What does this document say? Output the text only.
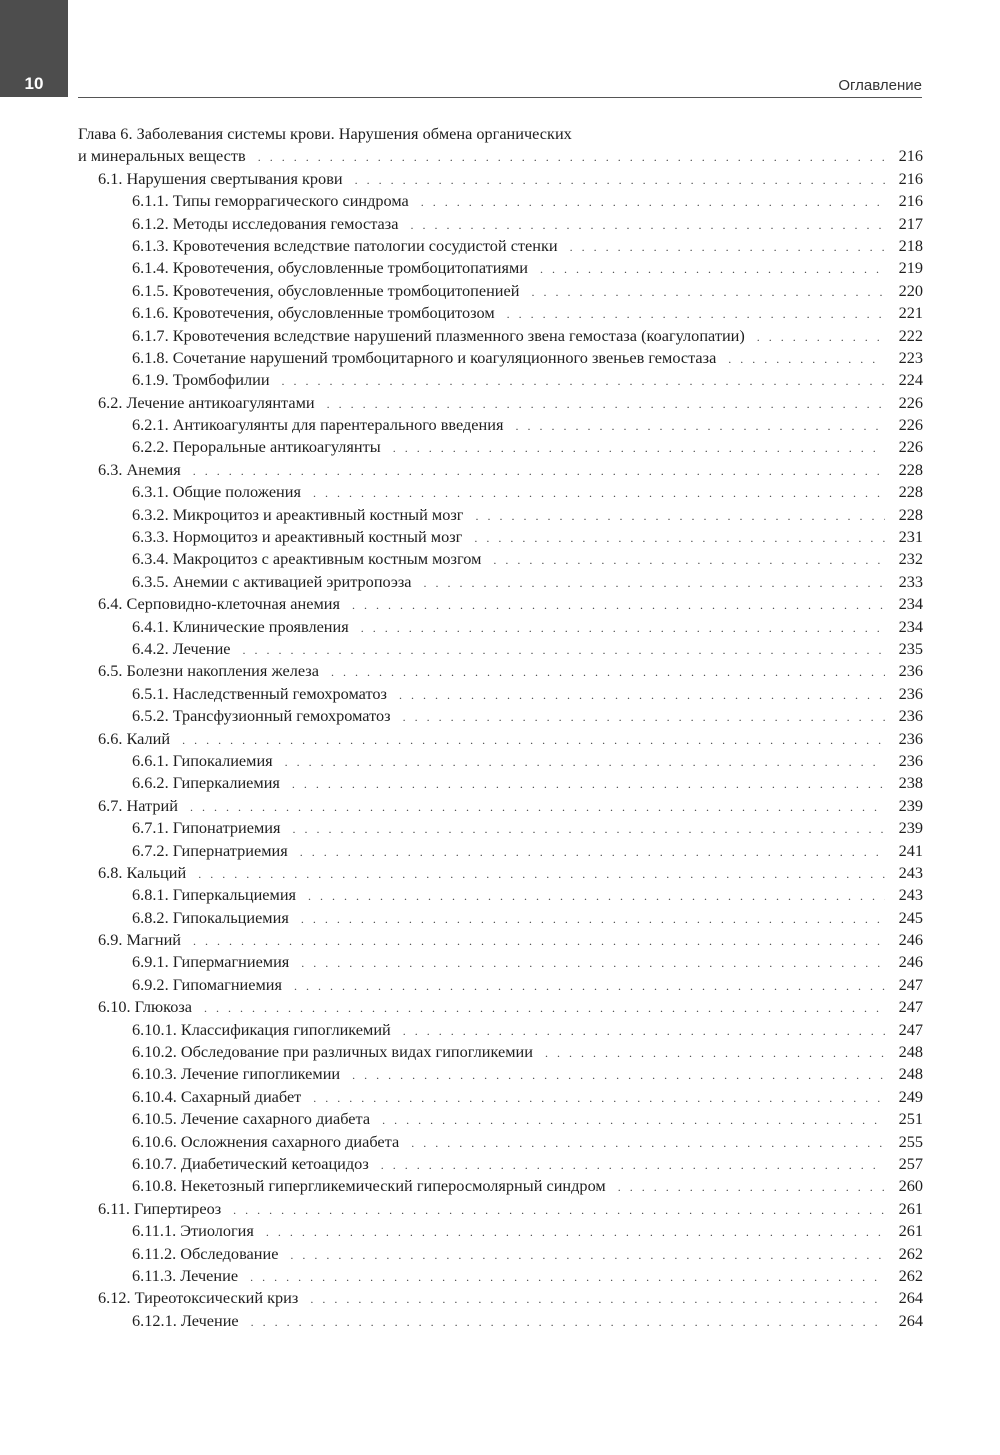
10	Оглавление
Глава 6. Заболевания системы крови. Нарушения обмена органических
и минеральных веществ . . .	216
6.1. Нарушения свертывания крови . . .	216
6.1.1. Типы геморрагического синдрома . . .	216
6.1.2. Методы исследования гемостаза . . .	217
6.1.3. Кровотечения вследствие патологии сосудистой стенки . . .	218
6.1.4. Кровотечения, обусловленные тромбоцитопатиями . . .	219
6.1.5. Кровотечения, обусловленные тромбоцитопенией . . .	220
6.1.6. Кровотечения, обусловленные тромбоцитозом . . .	221
6.1.7. Кровотечения вследствие нарушений плазменного звена гемостаза (коагулопатии) . . .	222
6.1.8. Сочетание нарушений тромбоцитарного и коагуляционного звеньев гемостаза . . .	223
6.1.9. Тромбофилии . . .	224
6.2. Лечение антикоагулянтами . . .	226
6.2.1. Антикоагулянты для парентерального введения . . .	226
6.2.2. Пероральные антикоагулянты . . .	226
6.3. Анемия . . .	228
6.3.1. Общие положения . . .	228
6.3.2. Микроцитоз и ареактивный костный мозг . . .	228
6.3.3. Нормоцитоз и ареактивный костный мозг . . .	231
6.3.4. Макроцитоз с ареактивным костным мозгом . . .	232
6.3.5. Анемии с активацией эритропоэза . . .	233
6.4. Серповидно-клеточная анемия . . .	234
6.4.1. Клинические проявления . . .	234
6.4.2. Лечение . . .	235
6.5. Болезни накопления железа . . .	236
6.5.1. Наследственный гемохроматоз . . .	236
6.5.2. Трансфузионный гемохроматоз . . .	236
6.6. Калий . . .	236
6.6.1. Гипокалиемия . . .	236
6.6.2. Гиперкалиемия . . .	238
6.7. Натрий . . .	239
6.7.1. Гипонатриемия . . .	239
6.7.2. Гипернатриемия . . .	241
6.8. Кальций . . .	243
6.8.1. Гиперкальциемия . . .	243
6.8.2. Гипокальциемия . . .	245
6.9. Магний . . .	246
6.9.1. Гипермагниемия . . .	246
6.9.2. Гипомагниемия . . .	247
6.10. Глюкоза . . .	247
6.10.1. Классификация гипогликемий . . .	247
6.10.2. Обследование при различных видах гипогликемии . . .	248
6.10.3. Лечение гипогликемии . . .	248
6.10.4. Сахарный диабет . . .	249
6.10.5. Лечение сахарного диабета . . .	251
6.10.6. Осложнения сахарного диабета . . .	255
6.10.7. Диабетический кетоацидоз . . .	257
6.10.8. Некетозный гипергликемический гиперосмолярный синдром . . .	260
6.11. Гипертиреоз . . .	261
6.11.1. Этиология . . .	261
6.11.2. Обследование . . .	262
6.11.3. Лечение . . .	262
6.12. Тиреотоксический криз . . .	264
6.12.1. Лечение . . .	264
